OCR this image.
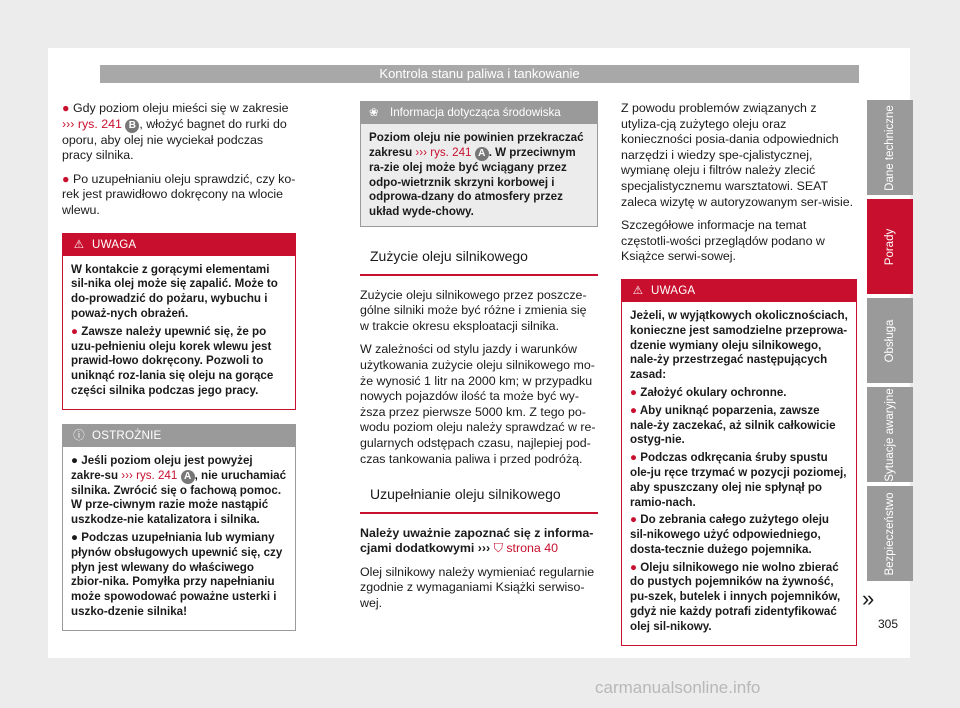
Kontrola stanu paliwa i tankowanie

● Gdy poziom oleju mieści się w zakresie ››› rys. 241 B , włożyć bagnet do rurki do oporu, aby olej nie wyciekał podczas pracy silnika.

● Po uzupełnianiu oleju sprawdzić, czy ko-rek jest prawidłowo dokręcony na wlocie wlewu.

⚠ UWAGA

W kontakcie z gorącymi elementami sil-nika olej może się zapalić. Może to do-prowadzić do pożaru, wybuchu i poważ-nych obrażeń.

● Zawsze należy upewnić się, że po uzu-pełnieniu oleju korek wlewu jest prawid-łowo dokręcony. Pozwoli to uniknąć roz-lania się oleju na gorące części silnika podczas jego pracy.

ⓘ OSTROŻNIE

● Jeśli poziom oleju jest powyżej zakre-su ››› rys. 241 A , nie uruchamiać silnika. Zwrócić się o fachową pomoc. W prze-ciwnym razie może nastąpić uszkodze-nie katalizatora i silnika.

● Podczas uzupełniania lub wymiany płynów obsługowych upewnić się, czy płyn jest wlewany do właściwego zbior-nika. Pomyłka przy napełnianiu może spowodować poważne usterki i uszko-dzenie silnika!

❀ Informacja dotycząca środowiska
Poziom oleju nie powinien przekraczać zakresu ››› rys. 241 A . W przeciwnym ra-zie olej może być wciągany przez odpo-wietrznik skrzyni korbowej i odprowa-dzany do atmosfery przez układ wyde-chowy.
Zużycie oleju silnikowego

Zużycie oleju silnikowego przez poszcze-gólne silniki może być różne i zmienia się w trakcie okresu eksploatacji silnika.

W zależności od stylu jazdy i warunków użytkowania zużycie oleju silnikowego mo-że wynosić 1 litr na 2000 km; w przypadku nowych pojazdów ilość ta może być wy-ższa przez pierwsze 5000 km. Z tego po-wodu poziom oleju należy sprawdzać w re-gularnych odstępach czasu, najlepiej pod-czas tankowania paliwa i przed podróżą.

Uzupełnianie oleju silnikowego

Należy uważnie zapoznać się z informa-cjami dodatkowymi ››› ⛉ strona 40

Olej silnikowy należy wymieniać regularnie zgodnie z wymaganiami Książki serwiso-wej.

Z powodu problemów związanych z utyliza-cją zużytego oleju oraz konieczności posia-dania odpowiednich narzędzi i wiedzy spe-cjalistycznej, wymianę oleju i filtrów należy zlecić specjalistycznemu warsztatowi. SEAT zaleca wizytę w autoryzowanym ser-wisie.

Szczegółowe informacje na temat częstotli-wości przeglądów podano w Książce serwi-sowej.

⚠ UWAGA

Jeżeli, w wyjątkowych okolicznościach, konieczne jest samodzielne przeprowa-dzenie wymiany oleju silnikowego, nale-ży przestrzegać następujących zasad:

● Założyć okulary ochronne.

● Aby uniknąć poparzenia, zawsze nale-ży zaczekać, aż silnik całkowicie ostyg-nie.

● Podczas odkręcania śruby spustu ole-ju ręce trzymać w pozycji poziomej, aby spuszczany olej nie spłynął po ramio-nach.

● Do zebrania całego zużytego oleju sil-nikowego użyć odpowiedniego, dosta-tecznie dużego pojemnika.

● Oleju silnikowego nie wolno zbierać do pustych pojemników na żywność, pu-szek, butelek i innych pojemników, gdyż nie każdy potrafi zidentyfikować olej sil-nikowy.

»
Dane techniczne
Porady
Obsługa
Sytuacje awaryjne
Bezpieczeństwo
305
carmanualsonline.info
